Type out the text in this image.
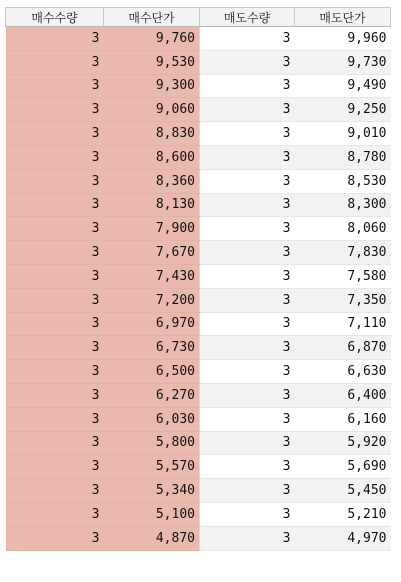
매수수량	매수단가	매도수량	매도단가
3	9,760	3	9,960
3	9,530	3	9,730
3	9,300	3	9,490
3	9,060	3	9,250
3	8,830	3	9,010
3	8,600	3	8,780
3	8,360	3	8,530
3	8,130	3	8,300
3	7,900	3	8,060
3	7,670	3	7,830
3	7,430	3	7,580
3	7,200	3	7,350
3	6,970	3	7,110
3	6,730	3	6,870
3	6,500	3	6,630
3	6,270	3	6,400
3	6,030	3	6,160
3	5,800	3	5,920
3	5,570	3	5,690
3	5,340	3	5,450
3	5,100	3	5,210
3	4,870	3	4,970
